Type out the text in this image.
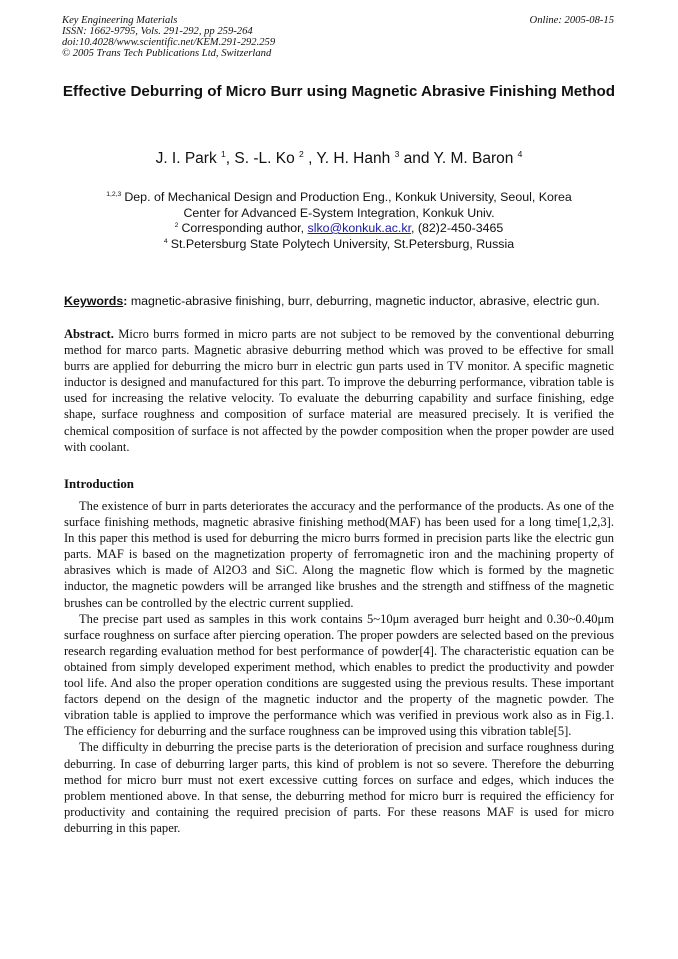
Key Engineering Materials
ISSN: 1662-9795, Vols. 291-292, pp 259-264
doi:10.4028/www.scientific.net/KEM.291-292.259
© 2005 Trans Tech Publications Ltd, Switzerland
Online: 2005-08-15
Effective Deburring of Micro Burr using Magnetic Abrasive Finishing Method
J. I. Park $^1$, S. -L. Ko $^2$ , Y. H. Hanh $^3$ and Y. M. Baron $^4$
$^{1,2,3}$ Dep. of Mechanical Design and Production Eng., Konkuk University, Seoul, Korea
Center for Advanced E-System Integration, Konkuk Univ.
$^2$ Corresponding author, slko@konkuk.ac.kr, (82)2-450-3465
$^4$ St.Petersburg State Polytech University, St.Petersburg, Russia
Keywords: magnetic-abrasive finishing, burr, deburring, magnetic inductor, abrasive, electric gun.

Abstract. Micro burrs formed in micro parts are not subject to be removed by the conventional deburring method for marco parts. Magnetic abrasive deburring method which was proved to be effective for small burrs are applied for deburring the micro burr in electric gun parts used in TV monitor. A specific magnetic inductor is designed and manufactured for this part. To improve the deburring performance, vibration table is used for increasing the relative velocity. To evaluate the deburring capability and surface finishing, edge shape, surface roughness and composition of surface material are measured precisely. It is verified the chemical composition of surface is not affected by the powder composition when the proper powder are used with coolant.

Introduction

The existence of burr in parts deteriorates the accuracy and the performance of the products. As one of the surface finishing methods, magnetic abrasive finishing method(MAF) has been used for a long time[1,2,3]. In this paper this method is used for deburring the micro burrs formed in precision parts like the electric gun parts. MAF is based on the magnetization property of ferromagnetic iron and the machining property of abrasives which is made of Al2O3 and SiC. Along the magnetic flow which is formed by the magnetic inductor, the magnetic powders will be arranged like brushes and the strength and stiffness of the magnetic brushes can be controlled by the electric current supplied.

The precise part used as samples in this work contains 5~10μm averaged burr height and 0.30~0.40μm surface roughness on surface after piercing operation. The proper powders are selected based on the previous research regarding evaluation method for best performance of powder[4]. The characteristic equation can be obtained from simply developed experiment method, which enables to predict the productivity and powder tool life. And also the proper operation conditions are suggested using the previous results. These important factors depend on the design of the magnetic inductor and the property of the magnetic powder. The vibration table is applied to improve the performance which was verified in previous work also as in Fig.1. The efficiency for deburring and the surface roughness can be improved using this vibration table[5].

The difficulty in deburring the precise parts is the deterioration of precision and surface roughness during deburring. In case of deburring larger parts, this kind of problem is not so severe. Therefore the deburring method for micro burr must not exert excessive cutting forces on surface and edges, which induces the problem mentioned above. In that sense, the deburring method for micro burr is required the efficiency for productivity and containing the required precision of parts. For these reasons MAF is used for micro deburring in this paper.
